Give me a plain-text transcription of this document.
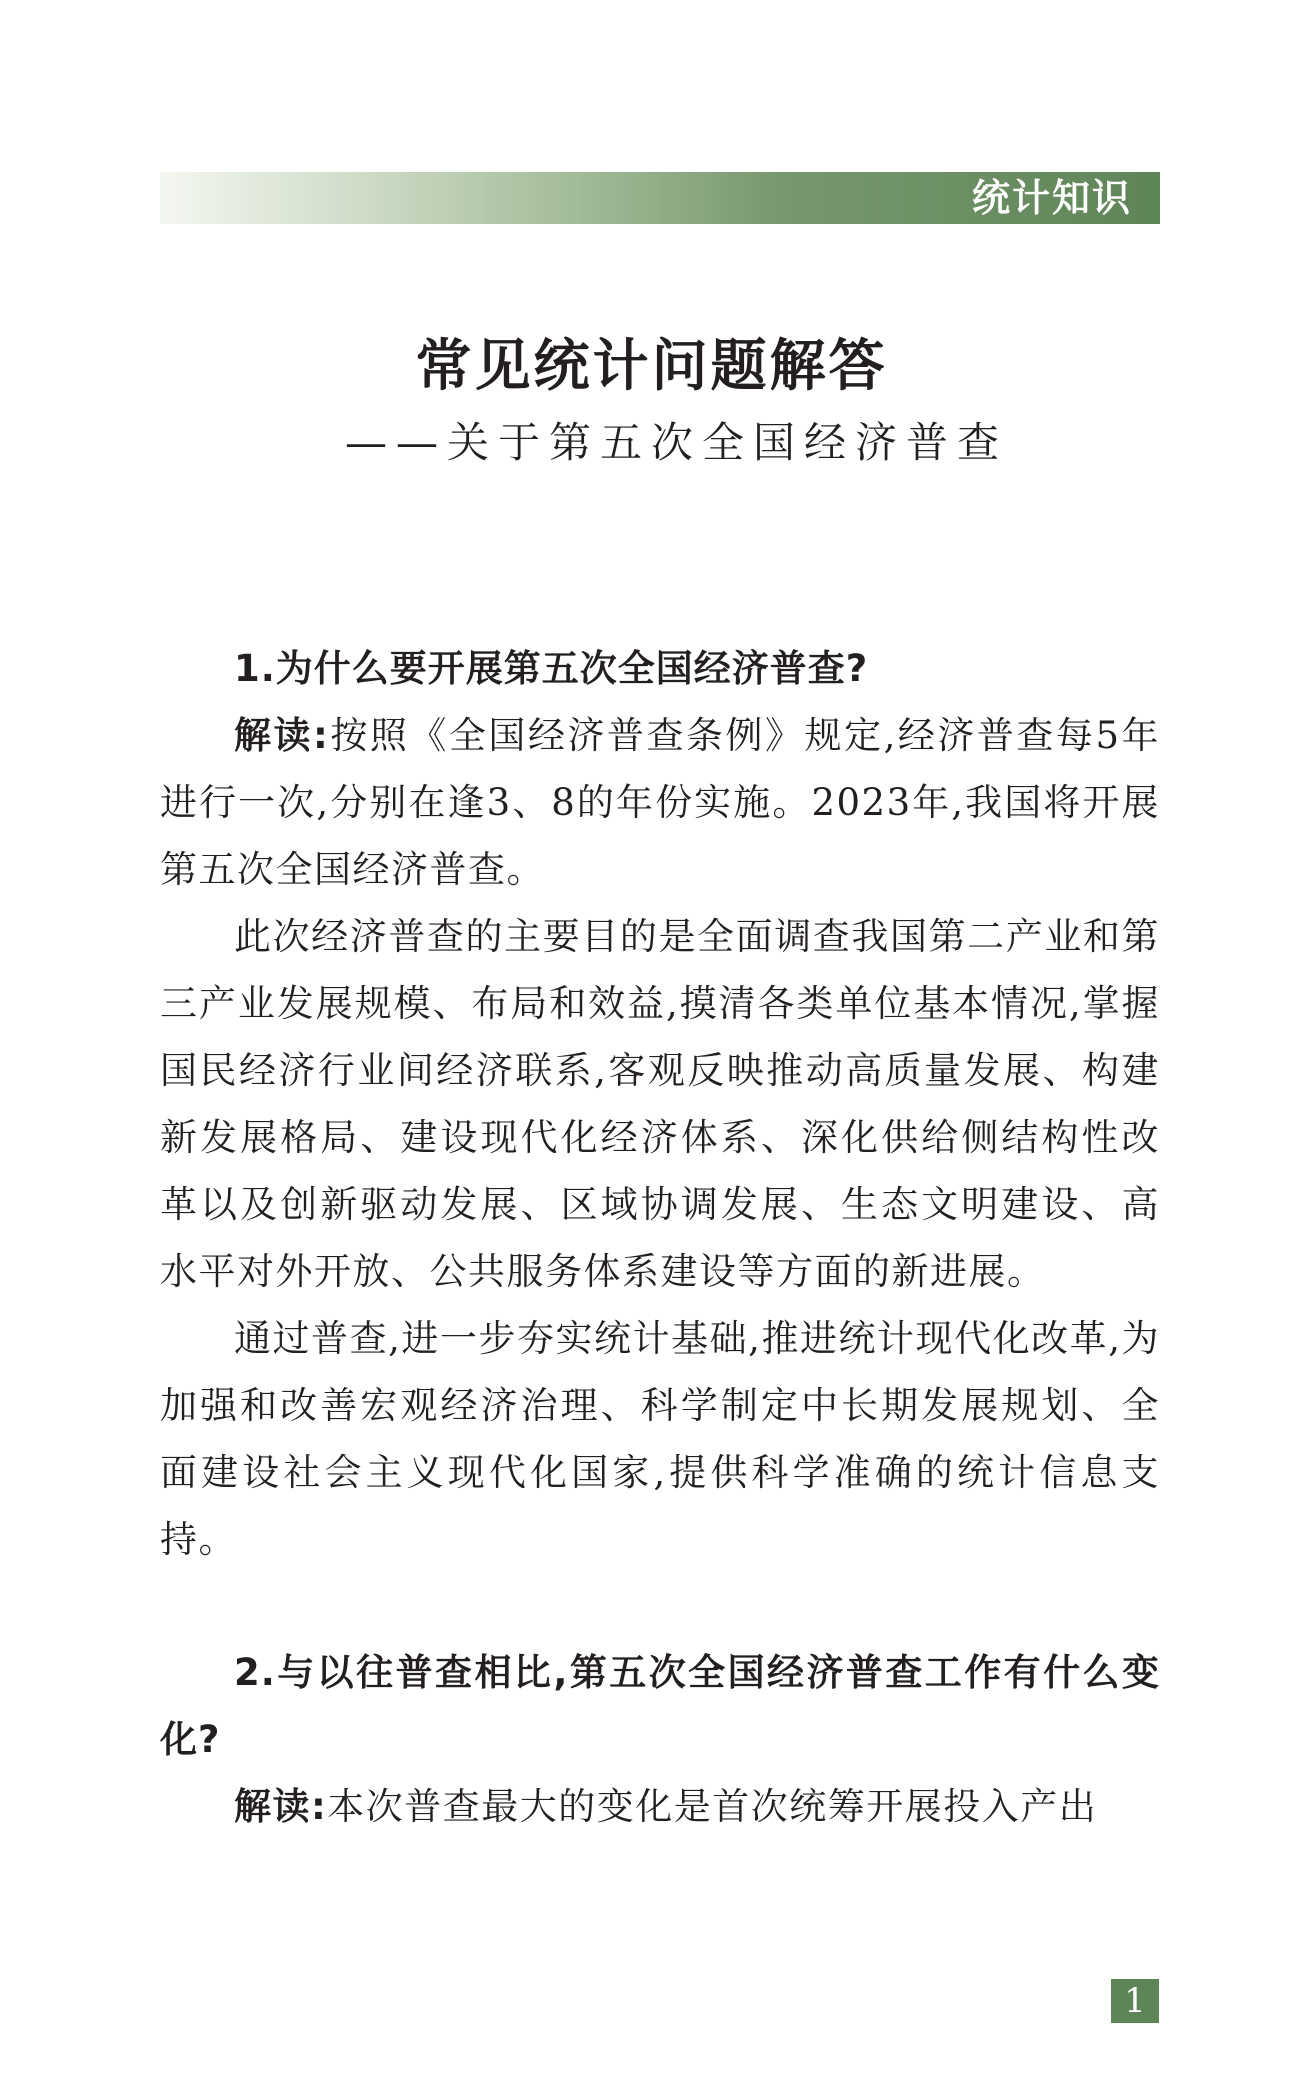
统计知识
常见统计问题解答
——关于第五次全国经济普查

1.为什么要开展第五次全国经济普查?

解读:按照《全国经济普查条例》规定,经济普查每5年进行一次,分别在逢3、8的年份实施。2023年,我国将开展第五次全国经济普查。

此次经济普查的主要目的是全面调查我国第二产业和第三产业发展规模、布局和效益,摸清各类单位基本情况,掌握国民经济行业间经济联系,客观反映推动高质量发展、构建新发展格局、建设现代化经济体系、深化供给侧结构性改革以及创新驱动发展、区域协调发展、生态文明建设、高水平对外开放、公共服务体系建设等方面的新进展。

通过普查,进一步夯实统计基础,推进统计现代化改革,为加强和改善宏观经济治理、科学制定中长期发展规划、全面建设社会主义现代化国家,提供科学准确的统计信息支持。

2.与以往普查相比,第五次全国经济普查工作有什么变化?

解读:本次普查最大的变化是首次统筹开展投入产出

1
